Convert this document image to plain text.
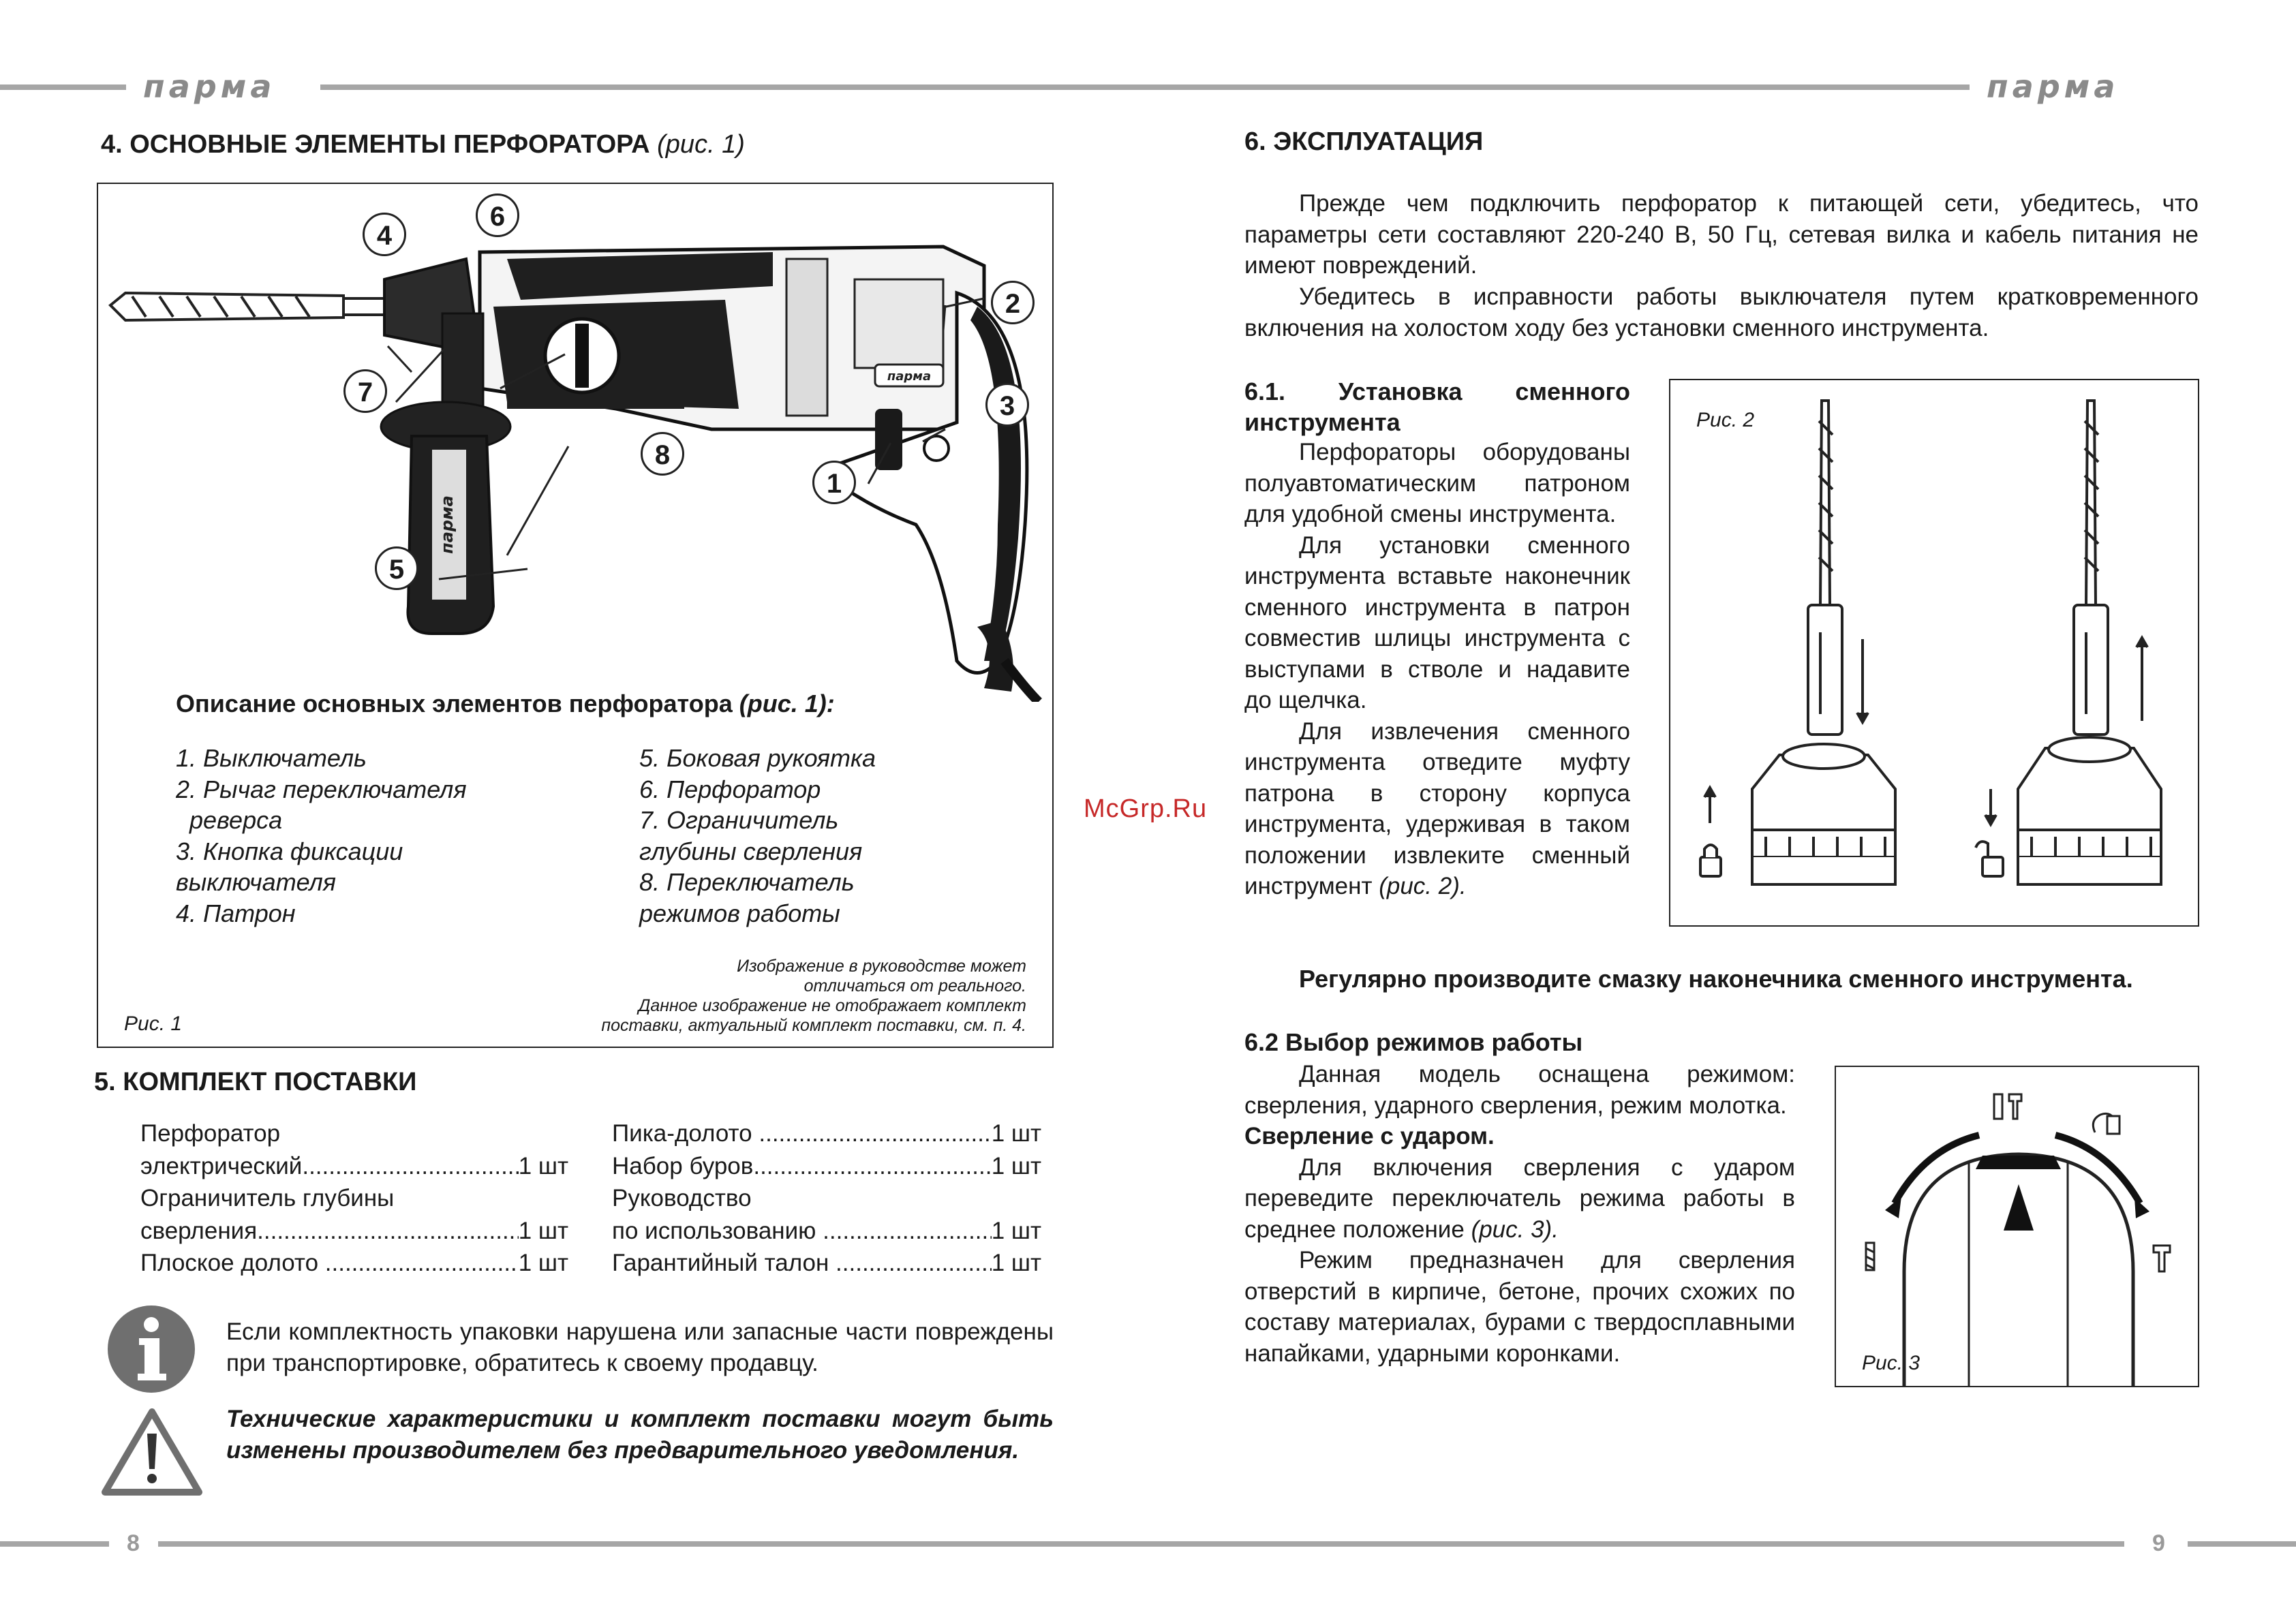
парма	парма
8	9
4. ОСНОВНЫЕ ЭЛЕМЕНТЫ ПЕРФОРАТОРА (рис. 1)
парма
парма
1
2
3
4
5
6
7
8
Описание основных элементов перфоратора (рис. 1):
1. Выключатель
2. Рычаг переключателя
реверса
3. Кнопка фиксации
выключателя
4. Патрон
5. Боковая рукоятка
6. Перфоратор
7. Ограничитель
глубины сверления
8. Переключатель
режимов работы
Изображение в руководстве может
отличаться от реального.
Данное изображение не отображает комплект
поставки, актуальный комплект поставки, см. п. 4.
Рис. 1
5. КОМПЛЕКТ ПОСТАВКИ
Перфоратор
электрический .....	1 шт
Ограничитель глубины
сверления .....	1 шт
Плоское долото .....	1 шт
Пика-долото .....	1 шт
Набор буров .....	1 шт
Руководство
по использованию .....	1 шт
Гарантийный талон .....	1 шт

Если комплектность упаковки нарушена или запасные части повреждены при транспортировке, обратитесь к своему продавцу.

Технические характеристики и комплект поставки могут быть изменены производителем без предварительного уведомления.

McGrp.Ru
6. ЭКСПЛУАТАЦИЯ

Прежде чем подключить перфоратор к питающей сети, убедитесь, что параметры сети составляют 220-240 В, 50 Гц, сетевая вилка и кабель питания не имеют повреждений.

Убедитесь в исправности работы выключателя путем кратковременного включения на холостом ходу без установки сменного инструмента.

6.1. Установка сменного инструмента

Перфораторы оборудованы полуавтоматическим патроном для удобной смены инструмента.

Для установки сменного инструмента вставьте наконечник сменного инструмента в патрон совместив шлицы инструмента с выступами в стволе и надавите до щелчка.

Для извлечения сменного инструмента отведите муфту патрона в сторону корпуса инструмента, удерживая в таком положении извлеките сменный инструмент (рис. 2).

Рис. 2
Регулярно производите смазку наконечника сменного инструмента.
6.2 Выбор режимов работы

Данная модель оснащена режимом: сверления, ударного сверления, режим молотка.

Сверление с ударом.

Для включения сверления с ударом переведите переключатель режима работы в среднее положение (рис. 3).

Режим предназначен для сверления отверстий в кирпиче, бетоне, прочих схожих по составу материалах, бурами с твердосплавными напайками, ударными коронками.	Рис. 3
